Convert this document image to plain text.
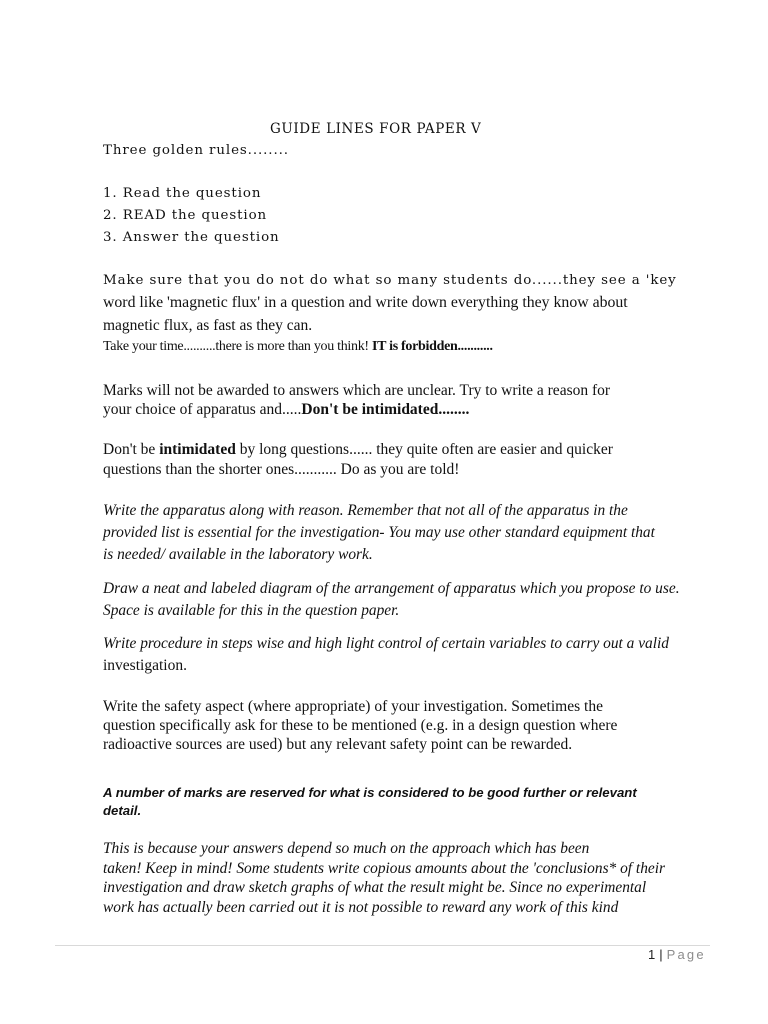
GUIDE LINES FOR PAPER V
Three golden rules........
1. Read the question
2. READ the question
3. Answer the question
Make sure that you do not do what so many students do......they see a 'key
word like 'magnetic flux' in a question and write down everything they know about
magnetic flux, as fast as they can.
Take your time..........there is more than you think! IT is forbidden...........
Marks will not be awarded to answers which are unclear. Try to write a reason for
your choice of apparatus and.....Don't be intimidated........
Don't be intimidated by long questions...... they quite often are easier and quicker
questions than the shorter ones........... Do as you are told!
Write the apparatus along with reason. Remember that not all of the apparatus in the
provided list is essential for the investigation- You may use other standard equipment that
is needed/ available in the laboratory work.
Draw a neat and labeled diagram of the arrangement of apparatus which you propose to use.
Space is available for this in the question paper.
Write procedure in steps wise and high light control of certain variables to carry out a valid
investigation.
Write the safety aspect (where appropriate) of your investigation. Sometimes the
question specifically ask for these to be mentioned (e.g. in a design question where
radioactive sources are used) but any relevant safety point can be rewarded.
A number of marks are reserved for what is considered to be good further or relevant
detail.
This is because your answers depend so much on the approach which has been
taken! Keep in mind! Some students write copious amounts about the 'conclusions* of their
investigation and draw sketch graphs of what the result might be. Since no experimental
work has actually been carried out it is not possible to reward any work of this kind
1 | Page
